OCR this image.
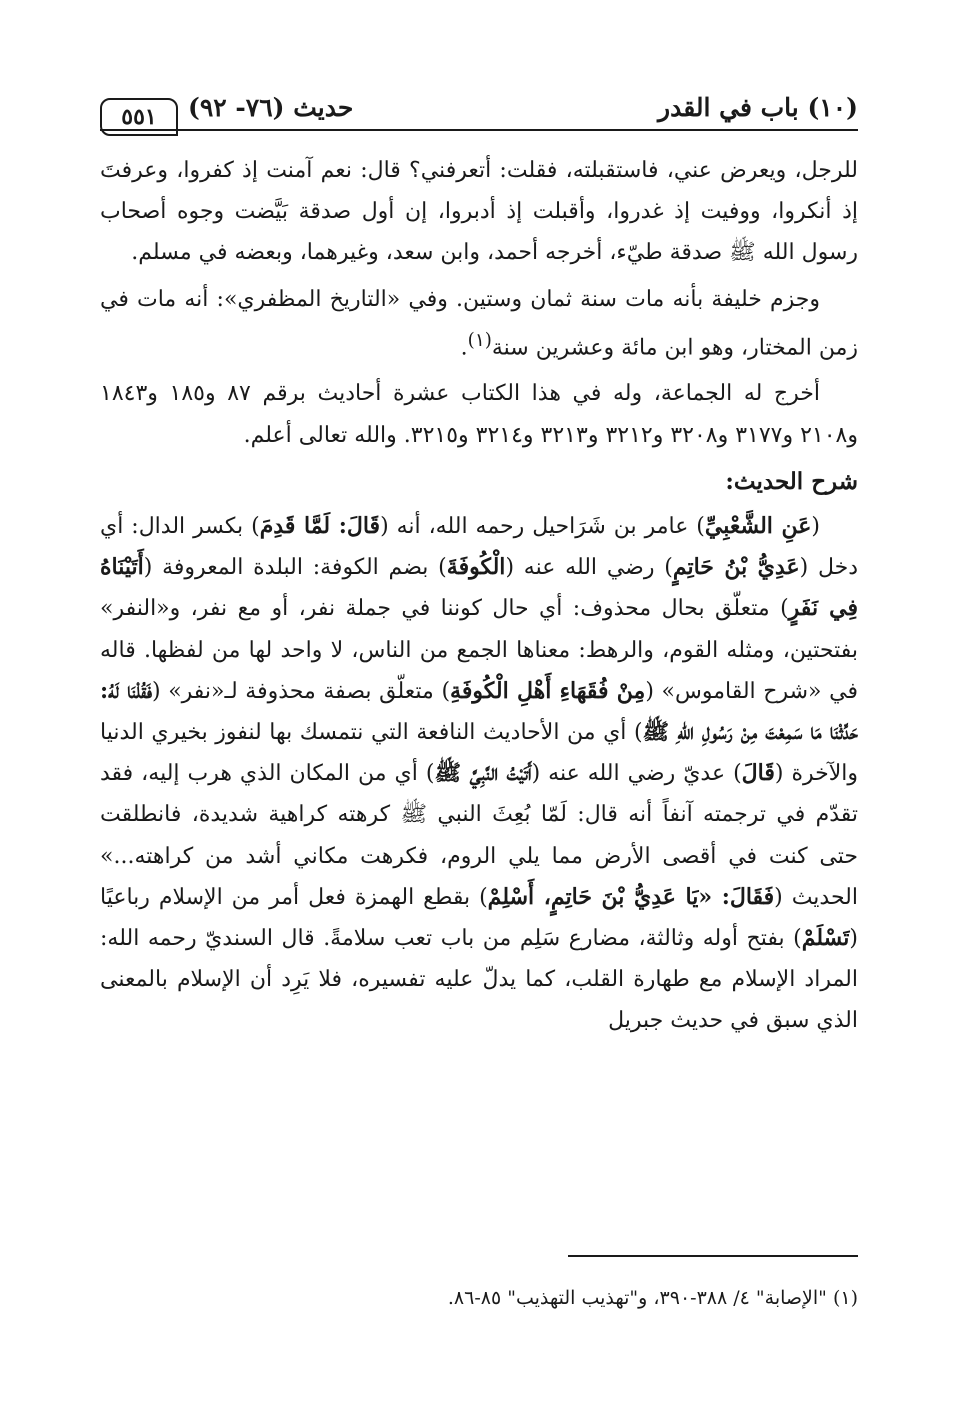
(١٠) باب في القدر
حديث (٧٦- ٩٢)
٥٥١

للرجل، ويعرض عني، فاستقبلته، فقلت: أتعرفني؟ قال: نعم آمنت إذ كفروا، وعرفتَ إذ أنكروا، ووفيت إذ غدروا، وأقبلت إذ أدبروا، إن أول صدقة بَيَّضت وجوه أصحاب رسول الله ﷺ صدقة طيّء، أخرجه أحمد، وابن سعد، وغيرهما، وبعضه في مسلم.

وجزم خليفة بأنه مات سنة ثمان وستين. وفي «التاريخ المظفري»: أنه مات في زمن المختار، وهو ابن مائة وعشرين سنة$^{(١)}$.

أخرج له الجماعة، وله في هذا الكتاب عشرة أحاديث برقم ٨٧ و١٨٥ و١٨٤٣ و٢١٠٨ و٣١٧٧ و٣٢٠٨ و٣٢١٢ و٣٢١٣ و٣٢١٤ و٣٢١٥. والله تعالى أعلم.

شرح الحديث:

(عَنِ الشَّعْبِيِّ) عامر بن شَرَاحيل رحمه الله، أنه (قَالَ: لَمَّا قَدِمَ) بكسر الدال: أي دخل (عَدِيُّ بْنُ حَاتِمٍ) رضي الله عنه (الْكُوفَةَ) بضم الكوفة: البلدة المعروفة (أَتَيْنَاهُ فِي نَفَرٍ) متعلّق بحال محذوف: أي حال كوننا في جملة نفر، أو مع نفر، و«النفر» بفتحتين، ومثله القوم، والرهط: معناها الجمع من الناس، لا واحد لها من لفظها. قاله في «شرح القاموس» (مِنْ فُقَهَاءِ أَهْلِ الْكُوفَةِ) متعلّق بصفة محذوفة لـ«نفر» (فَقُلْنَا لَهُ: حَدِّثْنَا مَا سَمِعْتَ مِنْ رَسُولِ اللهِ ﷺ) أي من الأحاديث النافعة التي نتمسك بها لنفوز بخيري الدنيا والآخرة (قَالَ) عديّ رضي الله عنه (أَتَيْتُ النَّبِيَّ ﷺ) أي من المكان الذي هرب إليه، فقد تقدّم في ترجمته آنفاً أنه قال: لَمّا بُعِثَ النبي ﷺ كرهته كراهية شديدة، فانطلقت حتى كنت في أقصى الأرض مما يلي الروم، فكرهت مكاني أشد من كراهته...» الحديث (فَقَالَ: «يَا عَدِيُّ بْنَ حَاتِمٍ، أَسْلِمْ) بقطع الهمزة فعل أمر من الإسلام رباعيًا (تَسْلَمْ) بفتح أوله وثالثة، مضارع سَلِم من باب تعب سلامةً. قال السنديّ رحمه الله: المراد الإسلام مع طهارة القلب، كما يدلّ عليه تفسيره، فلا يَرِد أن الإسلام بالمعنى الذي سبق في حديث جبريل

(١) "الإصابة" ٤/ ٣٨٨-٣٩٠، و"تهذيب التهذيب" ٨٥-٨٦.
